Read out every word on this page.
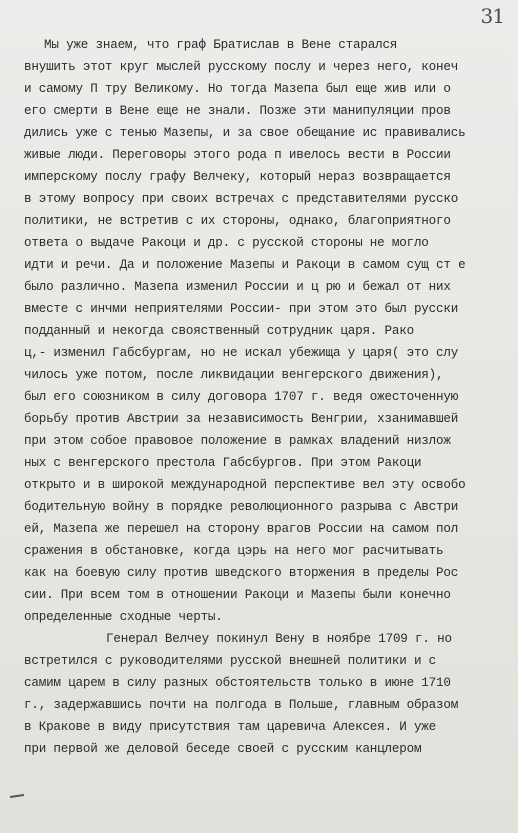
31
Мы уже знаем, что граф Братислав в Вене старался
внушить этот круг мыслей русскому послу и через него, конеч
и самому П тру Великому. Но тогда Мазепа был еще жив или о
его смерти в Вене еще не знали. Позже эти манипуляции пров
дились уже с тенью Мазепы, и за свое обещание ис правивались
живые люди. Переговоры этого рода п ивелось вести в России
имперскому послу графу Велчеку, который нераз возвращается
в этому вопросу при своих встречах с представителями русско
политики, не встретив с их стороны, однако, благоприятного
ответа о выдаче Ракоци и др. с русской стороны не могло
идти и речи. Да и положение Мазепы и Ракоци в самом сущ ст е
было различно. Мазепа изменил России и ц рю и бежал от них
вместе с инчми неприятелями России- при этом это был русски
подданный и некогда свояственный сотрудник царя. Рако
ц,- изменил Габсбургам, но не искал убежища у царя( это слу
чилось уже потом, после ликвидации венгерского движения),
был его союзником в силу договора 1707 г. ведя ожесточенную
борьбу против Австрии за независимость Венгрии, хзанимавшей
при этом собое правовое положение в рамках владений низлож
ных с венгерского престола Габсбургов. При этом Ракоци
открыто и в широкой международной перспективе вел эту освобо
бодительную войну в порядке революционного разрыва с Австри
ей, Мазепа же перешел на сторону врагов России на самом пол
сражения в обстановке, когда цэрь на него мог расчитывать
как на боевую силу против шведского вторжения в пределы Рос
сии. При всем том в отношении Ракоци и Мазепы были конечно
определенные сходные черты.
Генерал Велчеу покинул Вену в ноябре 1709 г. но
встретился с руководителями русской внешней политики и с
самим царем в силу разных обстоятельств только в июне 1710
г., задержавшись почти на полгода в Польше, главным образом
в Кракове в виду присутствия там царевича Алексея. И уже
при первой же деловой беседе своей с русским канцлером
